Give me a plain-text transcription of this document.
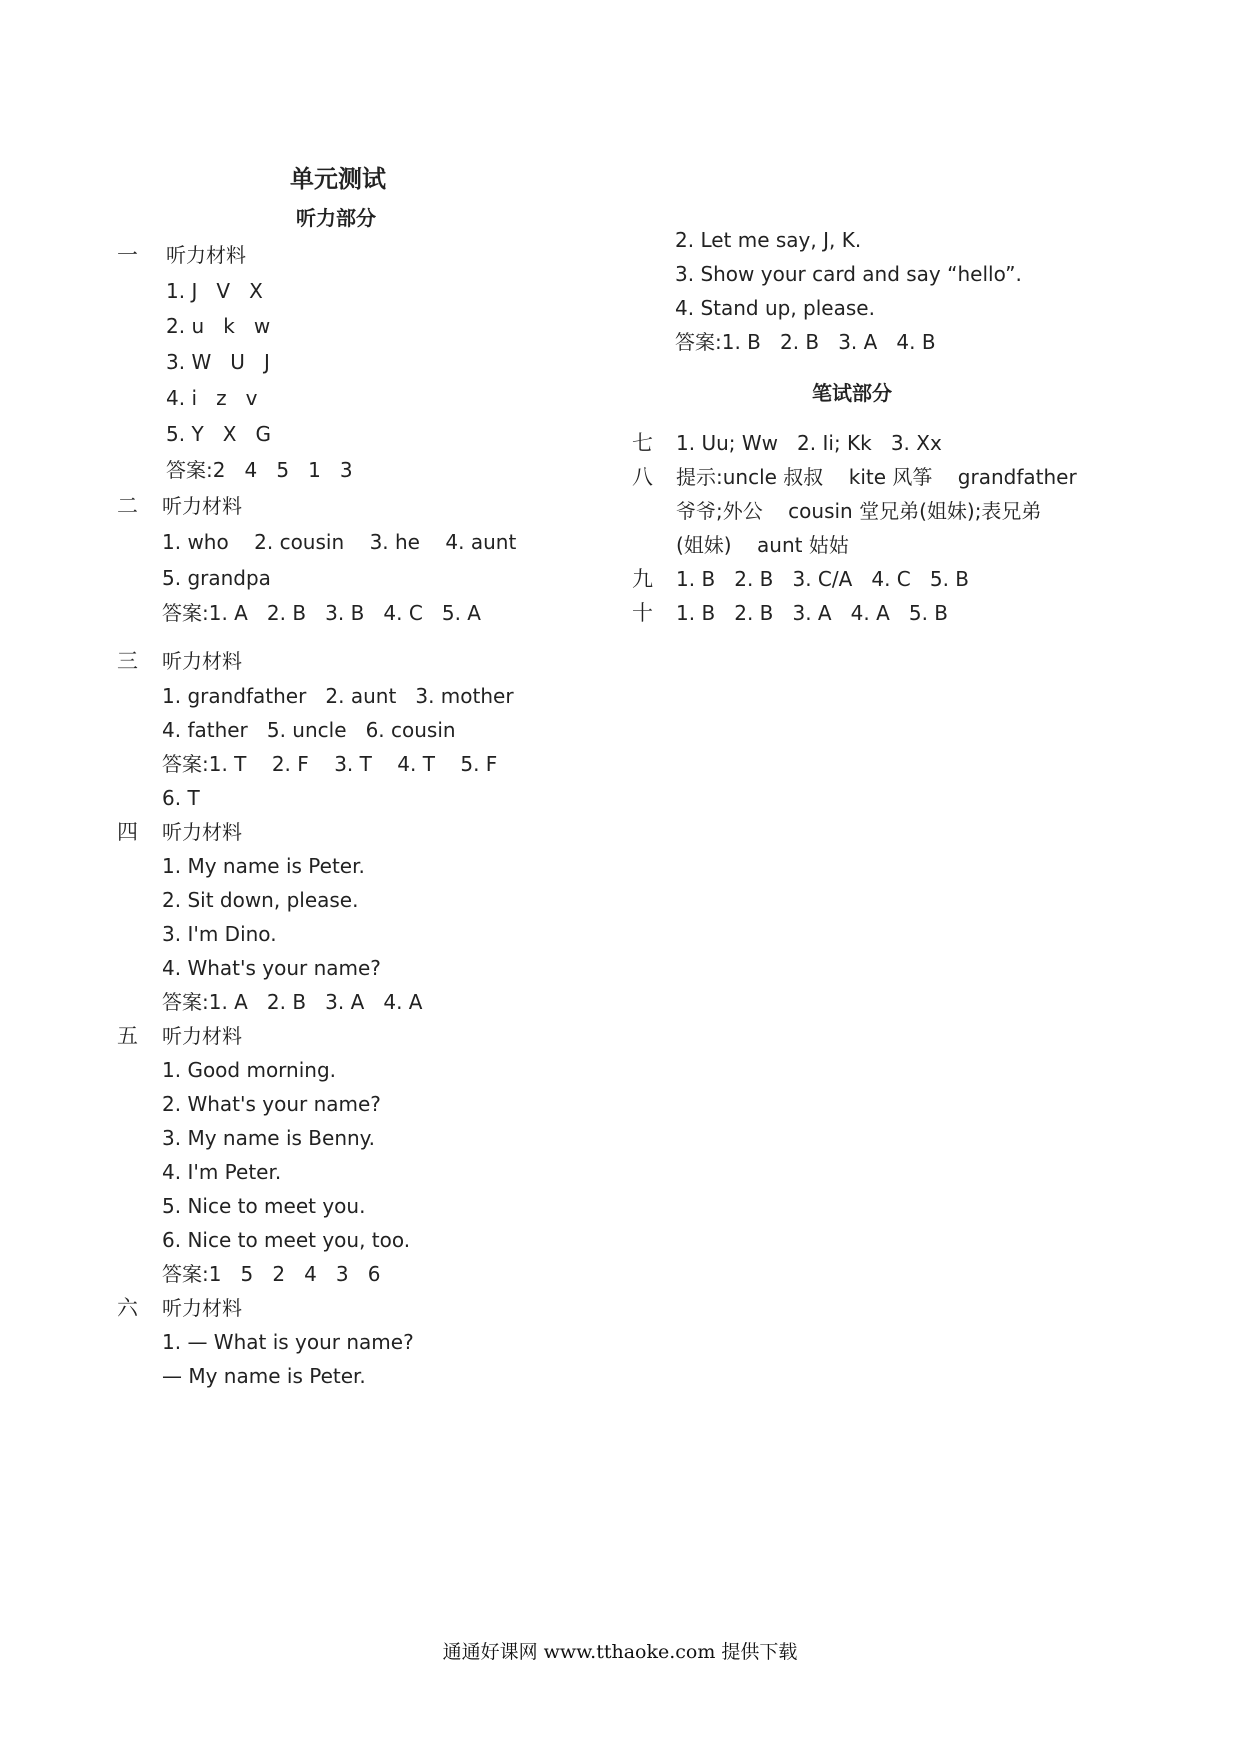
单元测试
听力部分
一 听力材料
1. J   V   X
2. u   k   w
3. W   U   J
4. i   z   v
5. Y   X   G
答案:2   4   5   1   3
二 听力材料
1. who    2. cousin    3. he    4. aunt
5. grandpa
答案:1. A   2. B   3. B   4. C   5. A
三 听力材料
1. grandfather   2. aunt   3. mother
4. father   5. uncle   6. cousin
答案:1. T    2. F    3. T    4. T    5. F
6. T
四 听力材料
1. My name is Peter.
2. Sit down, please.
3. I'm Dino.
4. What's your name?
答案:1. A   2. B   3. A   4. A
五 听力材料
1. Good morning.
2. What's your name?
3. My name is Benny.
4. I'm Peter.
5. Nice to meet you.
6. Nice to meet you, too.
答案:1   5   2   4   3   6
六 听力材料
1. — What is your name?
— My name is Peter.
2. Let me say, J, K.
3. Show your card and say “hello”.
4. Stand up, please.
答案:1. B   2. B   3. A   4. B
笔试部分
七 1. Uu; Ww   2. Ii; Kk   3. Xx
八 提示:uncle 叔叔    kite 风筝    grandfather
爷爷;外公    cousin 堂兄弟(姐妹);表兄弟
(姐妹)    aunt 姑姑
九 1. B   2. B   3. C/A   4. C   5. B
十 1. B   2. B   3. A   4. A   5. B
通通好课网 www.tthaoke.com 提供下载
